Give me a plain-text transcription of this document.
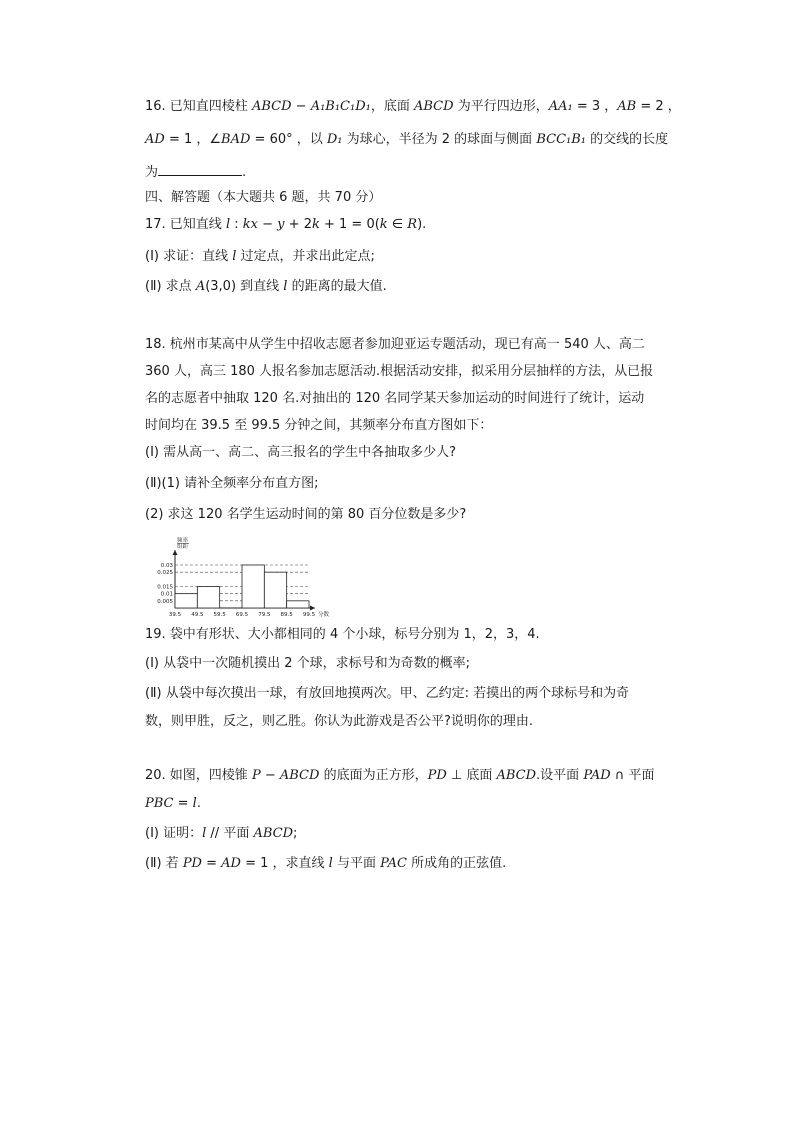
16. 已知直四棱柱 ABCD − A₁B₁C₁D₁，底面 ABCD 为平行四边形，AA₁ = 3 ，AB = 2 ，
AD = 1 ，∠BAD = 60° ，以 D₁ 为球心，半径为 2 的球面与侧面 BCC₁B₁ 的交线的长度
为	.
四、解答题（本大题共 6 题，共 70 分）
17. 已知直线 l : kx − y + 2k + 1 = 0(k ∈ R).
(Ⅰ) 求证：直线 l 过定点，并求出此定点;
(Ⅱ) 求点 A(3,0) 到直线 l 的距离的最大值.
18. 杭州市某高中从学生中招收志愿者参加迎亚运专题活动，现已有高一 540 人、高二
360 人，高三 180 人报名参加志愿活动.根据活动安排，拟采用分层抽样的方法，从已报
名的志愿者中抽取 120 名.对抽出的 120 名同学某天参加运动的时间进行了统计，运动
时间均在 39.5 至 99.5 分钟之间，其频率分布直方图如下：
(Ⅰ) 需从高一、高二、高三报名的学生中各抽取多少人?
(Ⅱ)(1) 请补全频率分布直方图;
(2) 求这 120 名学生运动时间的第 80 百分位数是多少?
频率
组距
0.03
0.025
0.015
0.01
0.005
39.5 49.5 59.5 69.5 79.5 89.5 99.5 分数
19. 袋中有形状、大小都相同的 4 个小球，标号分别为 1，2，3，4.
(Ⅰ) 从袋中一次随机摸出 2 个球，求标号和为奇数的概率;
(Ⅱ) 从袋中每次摸出一球，有放回地摸两次。甲、乙约定: 若摸出的两个球标号和为奇
数，则甲胜，反之，则乙胜。你认为此游戏是否公平?说明你的理由.
20. 如图，四棱锥 P − ABCD 的底面为正方形，PD ⊥ 底面 ABCD.设平面 PAD ∩ 平面
PBC = l.
(Ⅰ) 证明：l // 平面 ABCD;
(Ⅱ) 若 PD = AD = 1 ，求直线 l 与平面 PAC 所成角的正弦值.
